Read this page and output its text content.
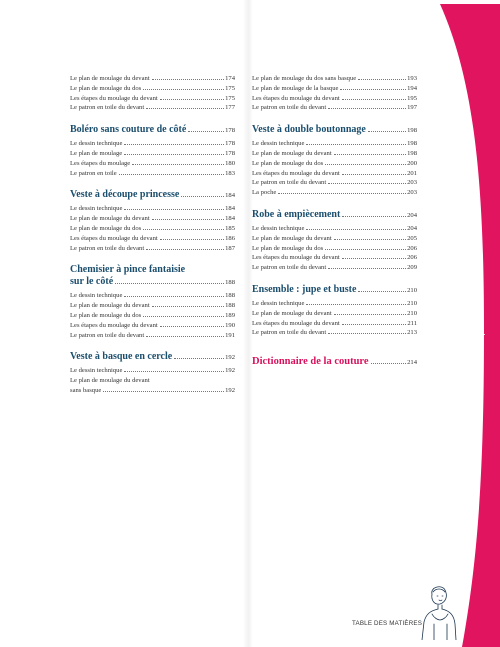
Le plan de moulage du devant	174
Le plan de moulage du dos	175
Les étapes du moulage du devant	175
Le patron en toile du devant	177
Boléro sans couture de côté	178
Le dessin technique	178
Le plan de moulage	178
Les étapes du moulage	180
Le patron en toile	183
Veste à découpe princesse	184
Le dessin technique	184
Le plan de moulage du devant	184
Le plan de moulage du dos	185
Les étapes du moulage du devant	186
Le patron en toile du devant	187
Chemisier à pince fantaisie
sur le côté	188
Le dessin technique	188
Le plan de moulage du devant	188
Le plan de moulage du dos	189
Les étapes du moulage du devant	190
Le patron en toile du devant	191
Veste à basque en cercle	192
Le dessin technique	192
Le plan de moulage du devant
sans basque	192
Le plan de moulage du dos sans basque	193
Le plan de moulage de la basque	194
Les étapes du moulage du devant	195
Le patron en toile du devant	197
Veste à double boutonnage	198
Le dessin technique	198
Le plan de moulage du devant	198
Le plan de moulage du dos	200
Les étapes du moulage du devant	201
Le patron en toile du devant	203
La poche	203
Robe à empiècement	204
Le dessin technique	204
Le plan de moulage du devant	205
Le plan de moulage du dos	206
Les étapes du moulage du devant	206
Le patron en toile du devant	209
Ensemble : jupe et buste	210
Le dessin technique	210
Le plan de moulage du devant	210
Les étapes du moulage du devant	211
Le patron en toile du devant	213
Dictionnaire de la couture	214
221
TABLE DES MATIÈRES
